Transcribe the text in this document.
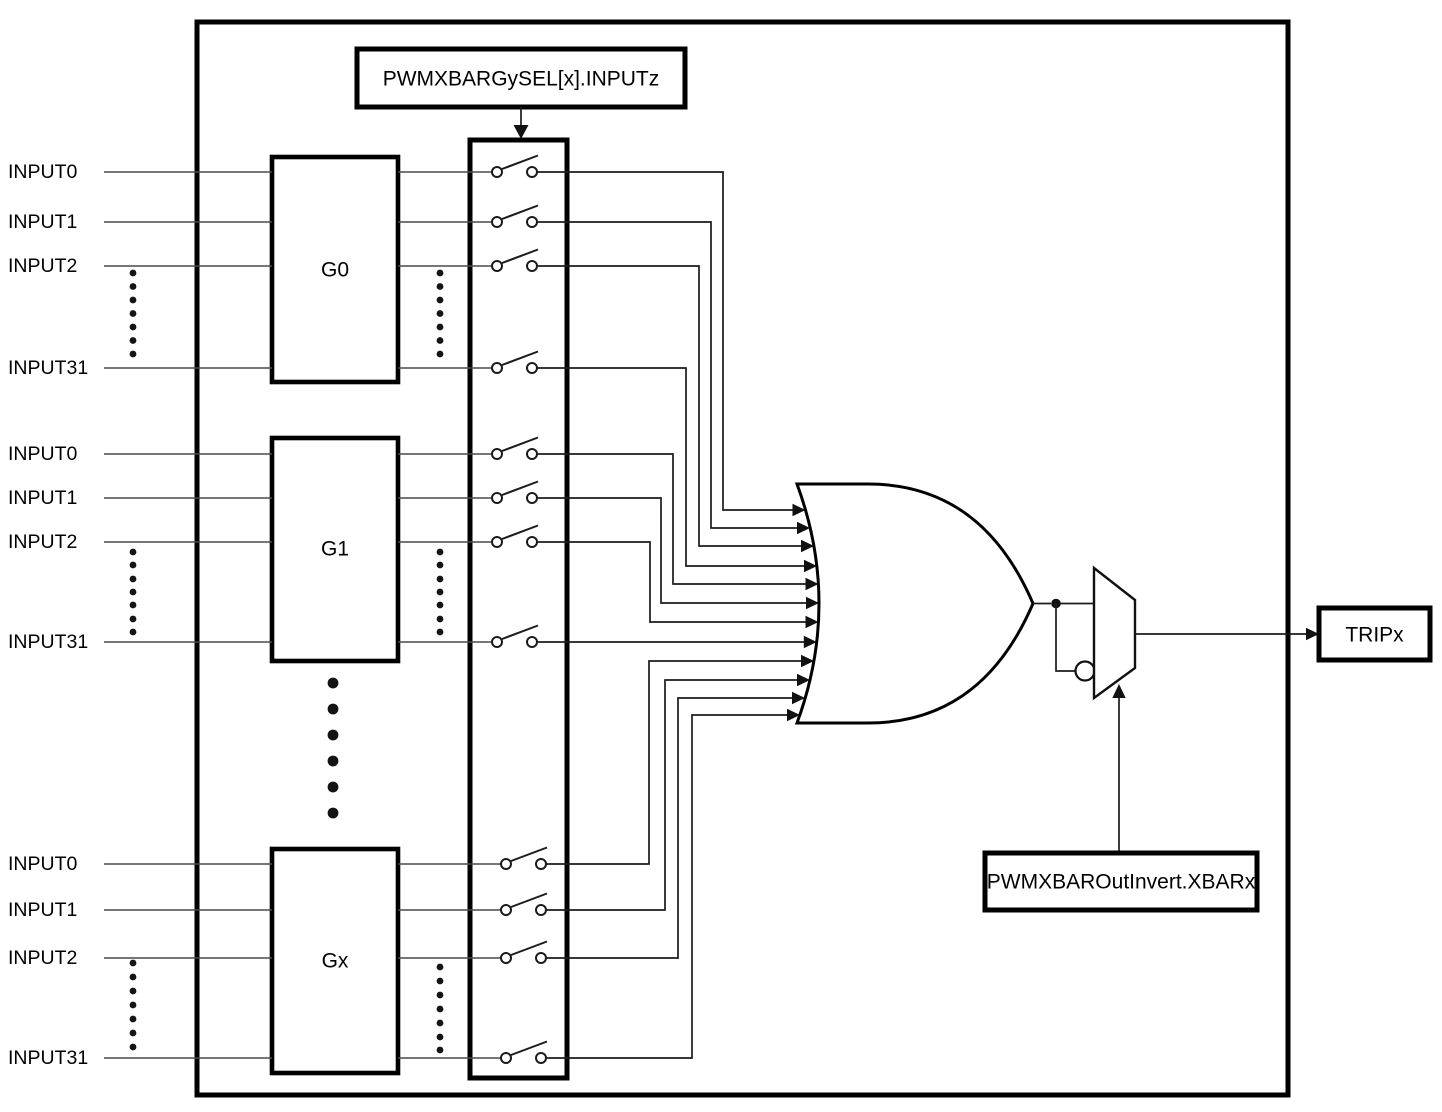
PWMXBARGySEL[x].INPUTz
G0
G1
Gx
INPUT0
INPUT1
INPUT2
INPUT31
INPUT0
INPUT1
INPUT2
INPUT31
INPUT0
INPUT1
INPUT2
INPUT31
PWMXBAROutInvert.XBARx
TRIPx
